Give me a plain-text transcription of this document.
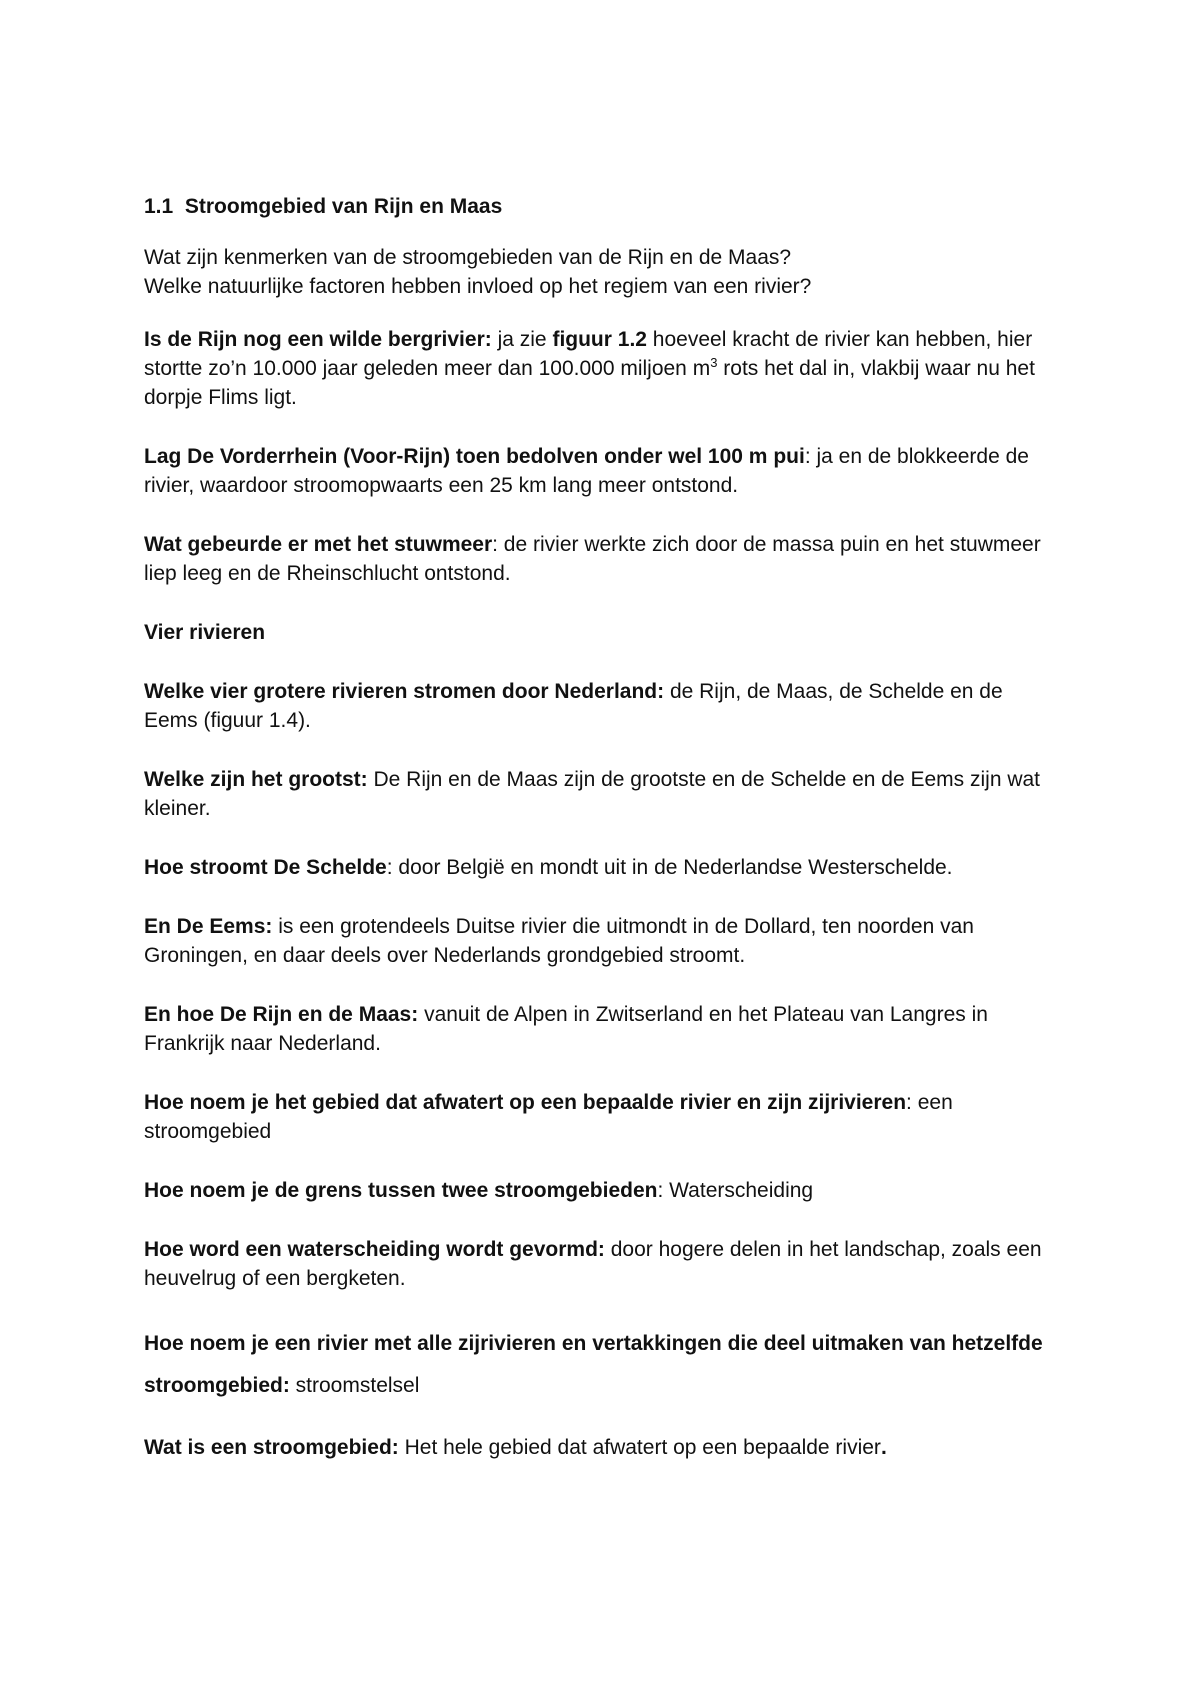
1.1 Stroomgebied van Rijn en Maas
Wat zijn kenmerken van de stroomgebieden van de Rijn en de Maas?
Welke natuurlijke factoren hebben invloed op het regiem van een rivier?

Is de Rijn nog een wilde bergrivier: ja zie figuur 1.2 hoeveel kracht de rivier kan hebben, hier stortte zo’n 10.000 jaar geleden meer dan 100.000 miljoen $m^3$ rots het dal in, vlakbij waar nu het dorpje Flims ligt.

Lag De Vorderrhein (Voor-Rijn) toen bedolven onder wel 100 m pui: ja en de blokkeerde de rivier, waardoor stroomopwaarts een 25 km lang meer ontstond.

Wat gebeurde er met het stuwmeer: de rivier werkte zich door de massa puin en het stuwmeer liep leeg en de Rheinschlucht ontstond.

Vier rivieren

Welke vier grotere rivieren stromen door Nederland: de Rijn, de Maas, de Schelde en de Eems (figuur 1.4).

Welke zijn het grootst: De Rijn en de Maas zijn de grootste en de Schelde en de Eems zijn wat kleiner.

Hoe stroomt De Schelde: door België en mondt uit in de Nederlandse Westerschelde.

En De Eems: is een grotendeels Duitse rivier die uitmondt in de Dollard, ten noorden van Groningen, en daar deels over Nederlands grondgebied stroomt.

En hoe De Rijn en de Maas: vanuit de Alpen in Zwitserland en het Plateau van Langres in Frankrijk naar Nederland.

Hoe noem je het gebied dat afwatert op een bepaalde rivier en zijn zijrivieren: een stroomgebied

Hoe noem je de grens tussen twee stroomgebieden: Waterscheiding

Hoe word een waterscheiding wordt gevormd: door hogere delen in het landschap, zoals een heuvelrug of een bergketen.

Hoe noem je een rivier met alle zijrivieren en vertakkingen die deel uitmaken van hetzelfde stroomgebied: stroomstelsel

Wat is een stroomgebied: Het hele gebied dat afwatert op een bepaalde rivier.
